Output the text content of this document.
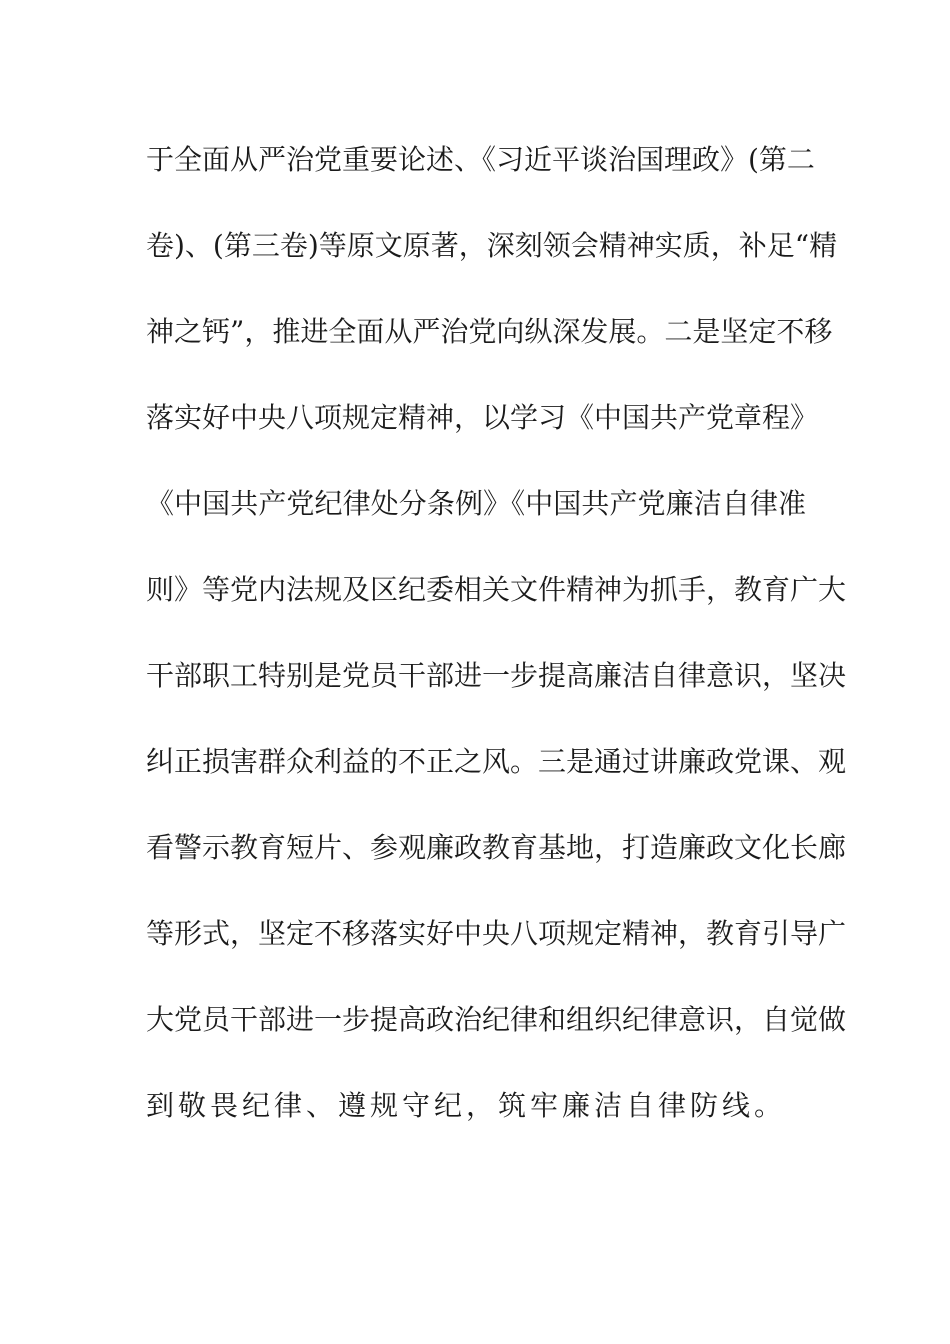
于全面从严治党重要论述、《习近平谈治国理政》(第二
卷)、(第三卷)等原文原著，深刻领会精神实质，补足“精
神之钙”，推进全面从严治党向纵深发展。二是坚定不移
落实好中央八项规定精神，以学习《中国共产党章程》
《中国共产党纪律处分条例》《中国共产党廉洁自律准
则》等党内法规及区纪委相关文件精神为抓手，教育广大
干部职工特别是党员干部进一步提高廉洁自律意识，坚决
纠正损害群众利益的不正之风。三是通过讲廉政党课、观
看警示教育短片、参观廉政教育基地，打造廉政文化长廊
等形式，坚定不移落实好中央八项规定精神，教育引导广
大党员干部进一步提高政治纪律和组织纪律意识，自觉做
到敬畏纪律、遵规守纪，筑牢廉洁自律防线。
